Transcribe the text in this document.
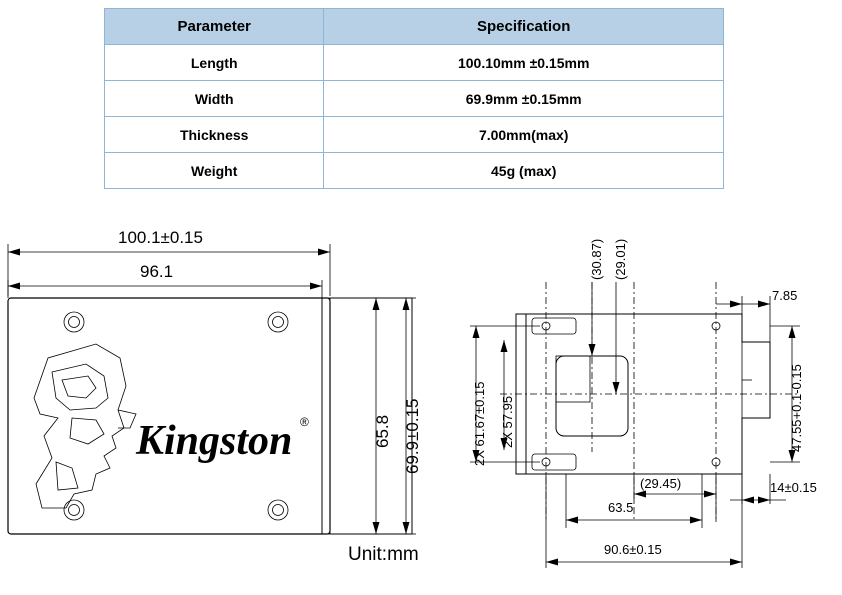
Parameter	Specification
Length	100.10mm ±0.15mm
Width	69.9mm ±0.15mm
Thickness	7.00mm(max)
Weight	45g (max)
Kingston ®
100.1±0.15
96.1
65.8 69.9±0.15
Unit:mm
(30.87) (29.01)
7.85
2X 61.67±0.15 2X 57.95	47.55+0.1-0.15
(29.45)
63.5
14±0.15
90.6±0.15
